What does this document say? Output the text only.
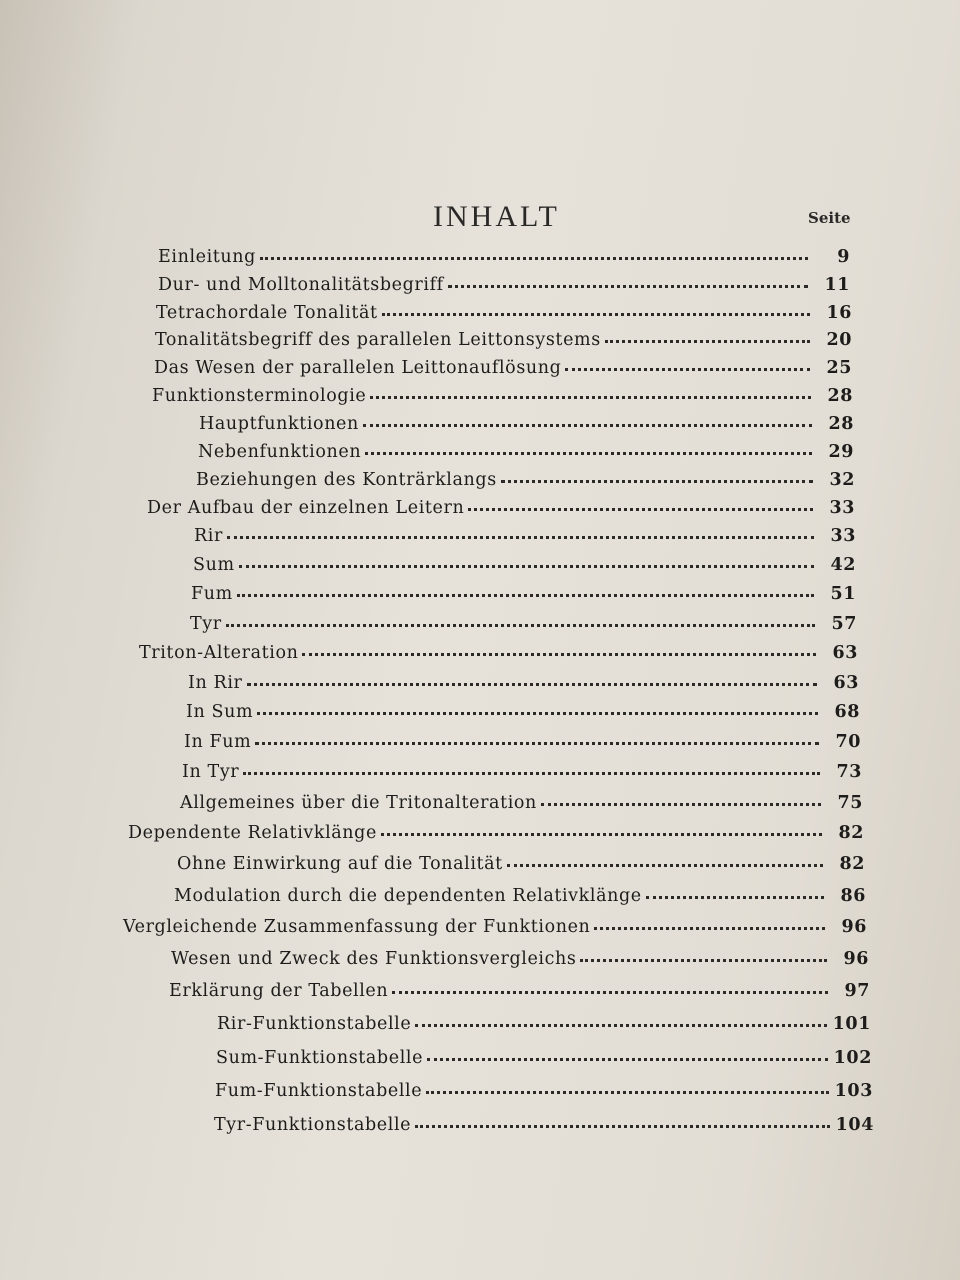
INHALT	Seite
Einleitung	9
Dur- und Molltonalitätsbegriff	11
Tetrachordale Tonalität	16
Tonalitätsbegriff des parallelen Leittonsystems	20
Das Wesen der parallelen Leittonauflösung	25
Funktionsterminologie	28
Hauptfunktionen	28
Nebenfunktionen	29
Beziehungen des Konträrklangs	32
Der Aufbau der einzelnen Leitern	33
Rir	33
Sum	42
Fum	51
Tyr	57
Triton-Alteration	63
In Rir	63
In Sum	68
In Fum	70
In Tyr	73
Allgemeines über die Tritonalteration	75
Dependente Relativklänge	82
Ohne Einwirkung auf die Tonalität	82
Modulation durch die dependenten Relativklänge	86
Vergleichende Zusammenfassung der Funktionen	96
Wesen und Zweck des Funktionsvergleichs	96
Erklärung der Tabellen	97
Rir-Funktionstabelle	101
Sum-Funktionstabelle	102
Fum-Funktionstabelle	103
Tyr-Funktionstabelle	104
